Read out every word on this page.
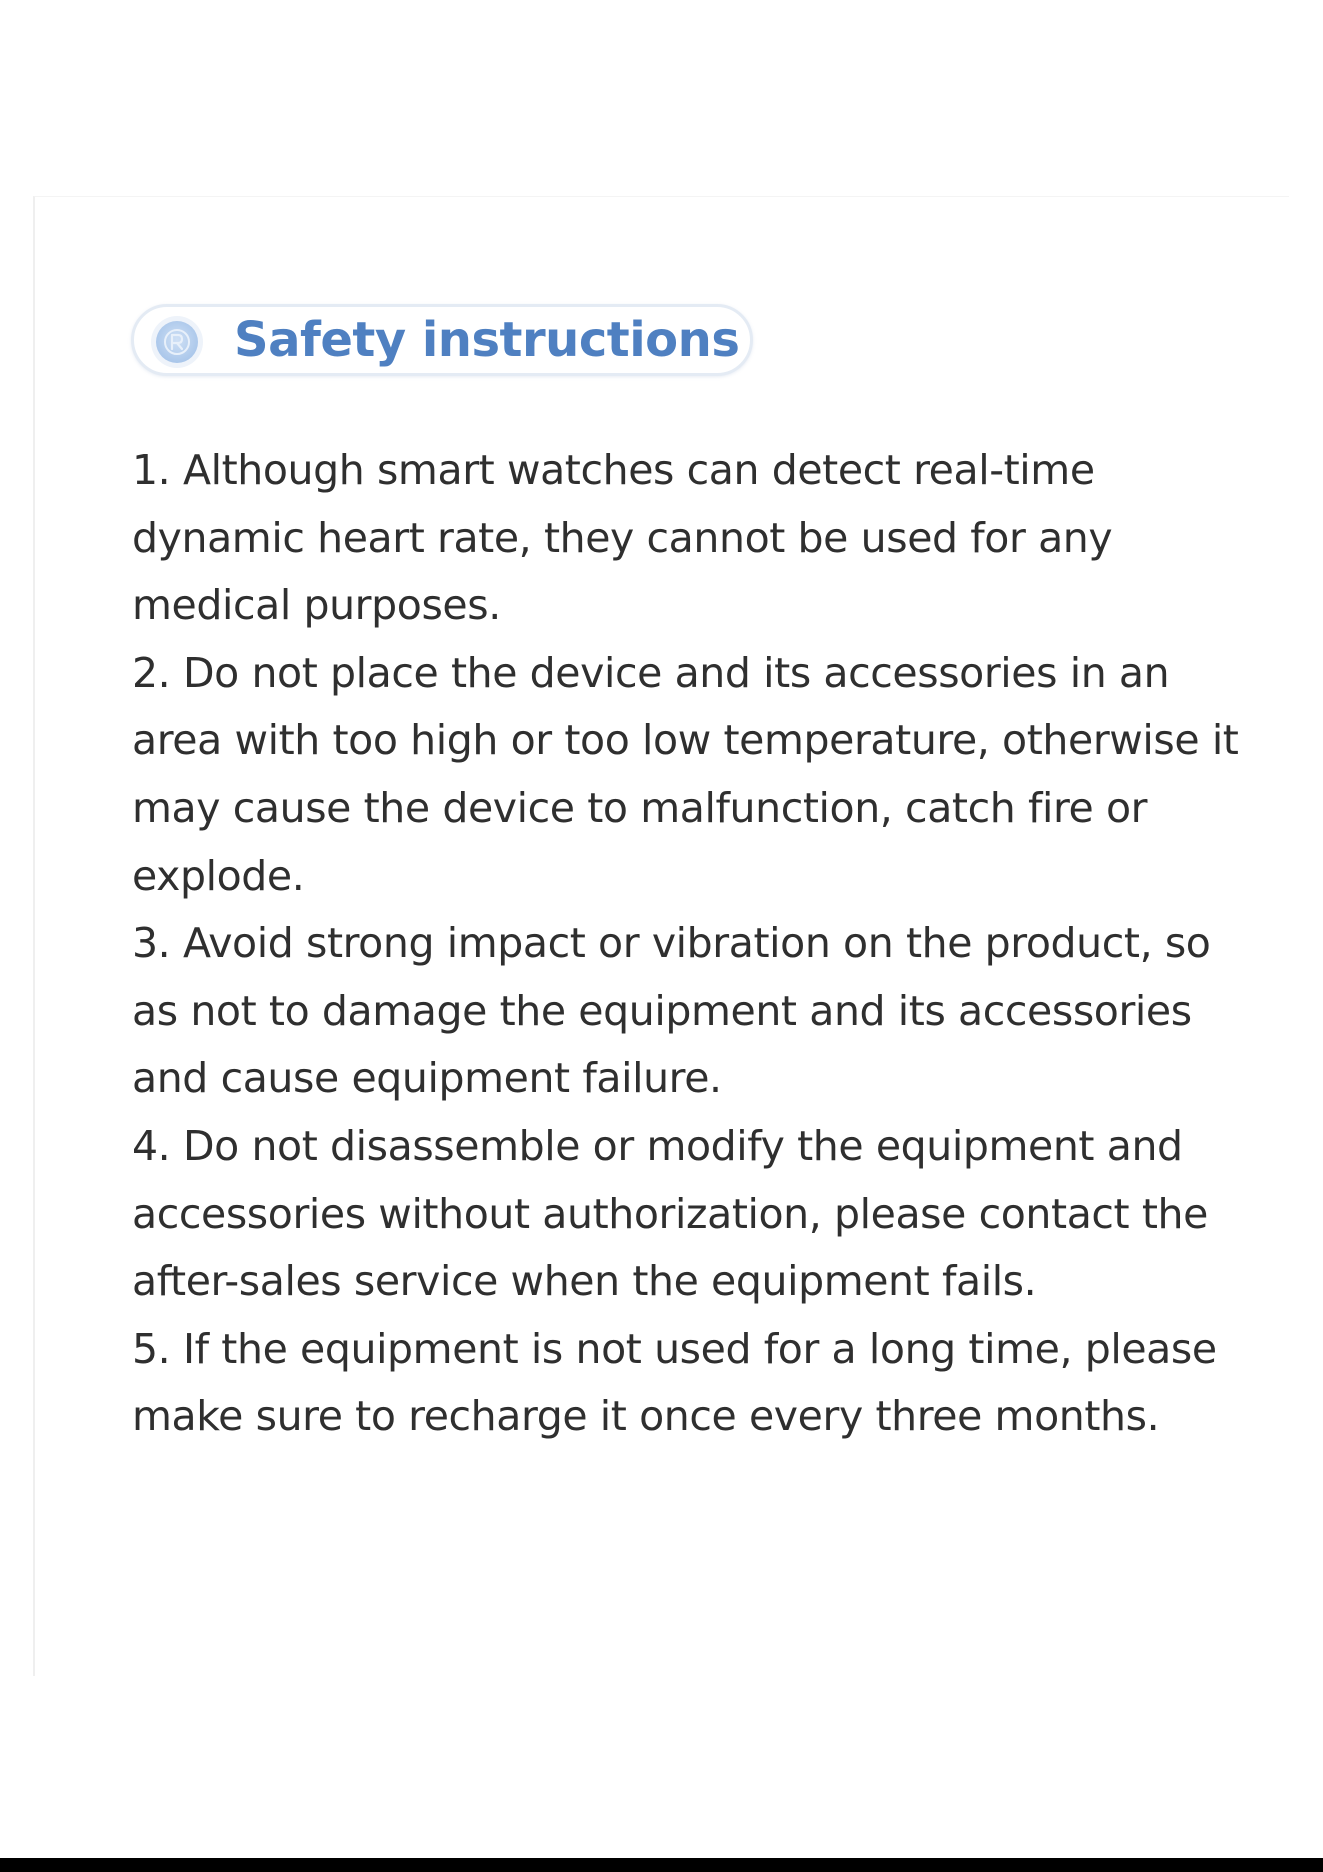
Safety instructions
1. Although smart watches can detect real-time dynamic heart rate, they cannot be used for any medical purposes.
2. Do not place the device and its accessories in an area with too high or too low temperature, otherwise it may cause the device to malfunction, catch fire or explode.
3. Avoid strong impact or vibration on the product, so as not to damage the equipment and its accessories and cause equipment failure.
4. Do not disassemble or modify the equipment and accessories without authorization, please contact the after-sales service when the equipment fails.
5. If the equipment is not used for a long time, please make sure to recharge it once every three months.
